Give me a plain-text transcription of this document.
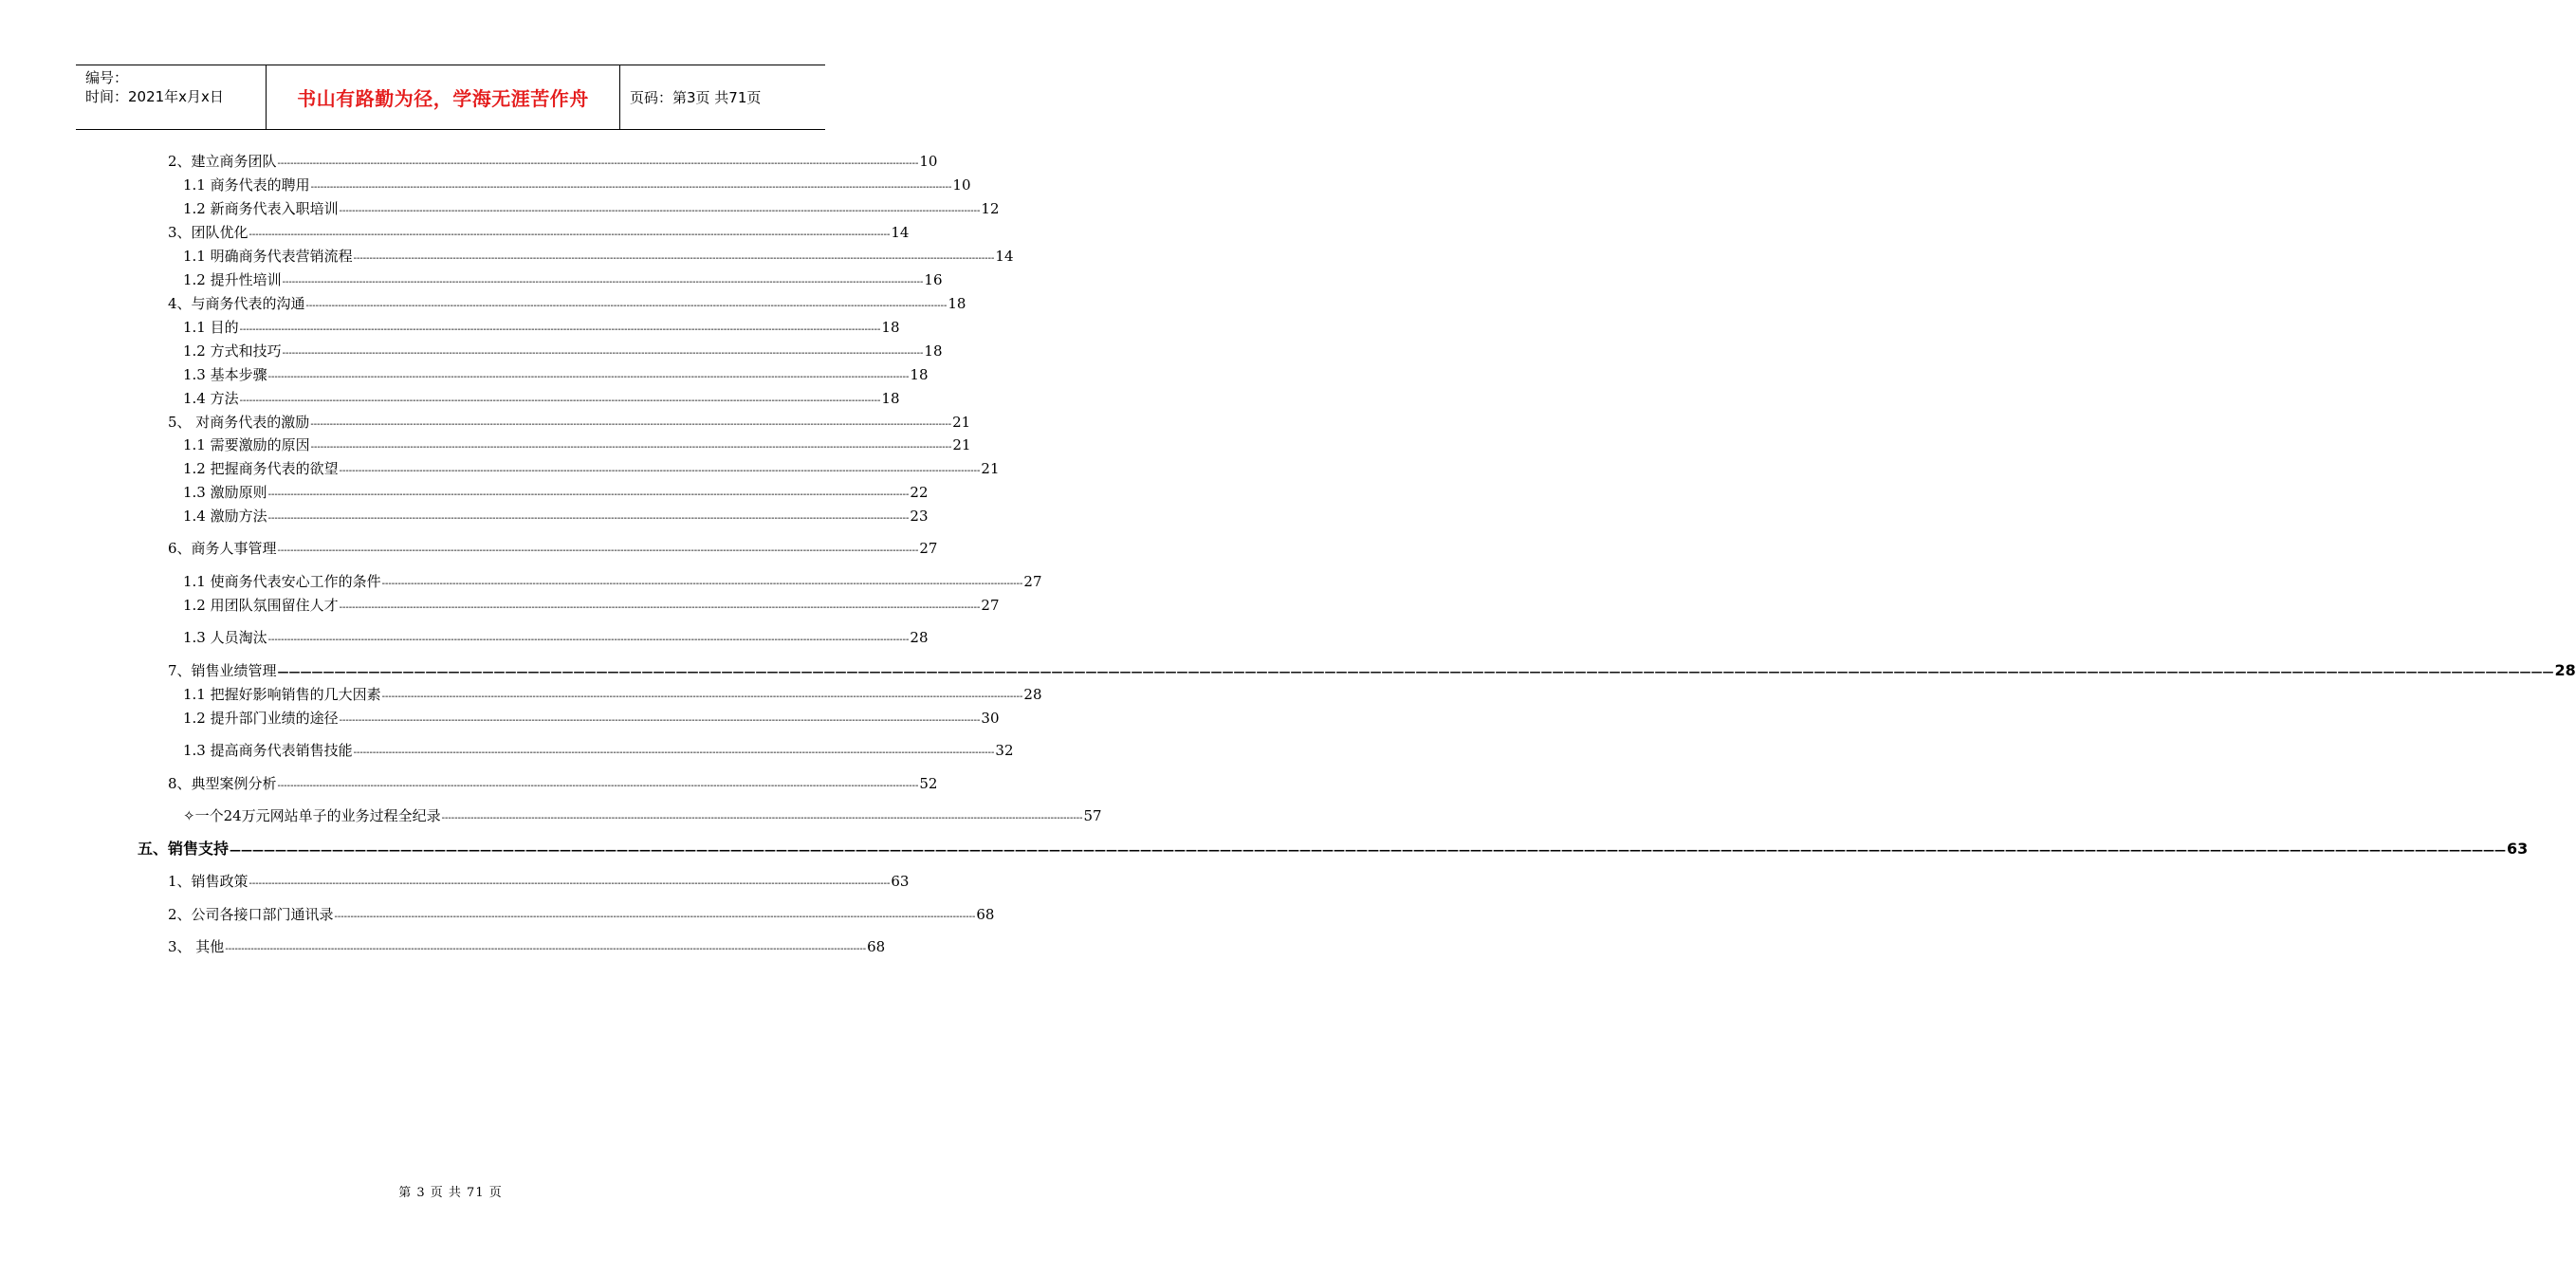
编号：
时间：2021年x月x日	书山有路勤为径，学海无涯苦作舟	页码：第3页 共71页
2、建立商务团队 -------------------------------------------------------------------------------------------------------------------------------------------------------------------------------------------------------- 10
1.1 商务代表的聘用 -------------------------------------------------------------------------------------------------------------------------------------------------------------------------------------------------------- 10
1.2 新商务代表入职培训 -------------------------------------------------------------------------------------------------------------------------------------------------------------------------------------------------------- 12
3、团队优化 -------------------------------------------------------------------------------------------------------------------------------------------------------------------------------------------------------- 14
1.1 明确商务代表营销流程 -------------------------------------------------------------------------------------------------------------------------------------------------------------------------------------------------------- 14
1.2 提升性培训 -------------------------------------------------------------------------------------------------------------------------------------------------------------------------------------------------------- 16
4、与商务代表的沟通 -------------------------------------------------------------------------------------------------------------------------------------------------------------------------------------------------------- 18
1.1 目的 -------------------------------------------------------------------------------------------------------------------------------------------------------------------------------------------------------- 18
1.2 方式和技巧 -------------------------------------------------------------------------------------------------------------------------------------------------------------------------------------------------------- 18
1.3 基本步骤 -------------------------------------------------------------------------------------------------------------------------------------------------------------------------------------------------------- 18
1.4 方法 -------------------------------------------------------------------------------------------------------------------------------------------------------------------------------------------------------- 18
5、 对商务代表的激励 -------------------------------------------------------------------------------------------------------------------------------------------------------------------------------------------------------- 21
1.1 需要激励的原因 -------------------------------------------------------------------------------------------------------------------------------------------------------------------------------------------------------- 21
1.2 把握商务代表的欲望 -------------------------------------------------------------------------------------------------------------------------------------------------------------------------------------------------------- 21
1.3 激励原则 -------------------------------------------------------------------------------------------------------------------------------------------------------------------------------------------------------- 22
1.4 激励方法 -------------------------------------------------------------------------------------------------------------------------------------------------------------------------------------------------------- 23
6、商务人事管理 -------------------------------------------------------------------------------------------------------------------------------------------------------------------------------------------------------- 27
1.1 使商务代表安心工作的条件 -------------------------------------------------------------------------------------------------------------------------------------------------------------------------------------------------------- 27
1.2 用团队氛围留住人才 -------------------------------------------------------------------------------------------------------------------------------------------------------------------------------------------------------- 27
1.3 人员淘汰 -------------------------------------------------------------------------------------------------------------------------------------------------------------------------------------------------------- 28
7、销售业绩管理 ———————————————————————————————————————————————————————————————————————————————————————————————————————————————————————————————————————————————————————————————————————————————————————————————————————— 28
1.1 把握好影响销售的几大因素 -------------------------------------------------------------------------------------------------------------------------------------------------------------------------------------------------------- 28
1.2 提升部门业绩的途径 -------------------------------------------------------------------------------------------------------------------------------------------------------------------------------------------------------- 30
1.3 提高商务代表销售技能 -------------------------------------------------------------------------------------------------------------------------------------------------------------------------------------------------------- 32
8、典型案例分析 -------------------------------------------------------------------------------------------------------------------------------------------------------------------------------------------------------- 52
✧一个24万元网站单子的业务过程全纪录 -------------------------------------------------------------------------------------------------------------------------------------------------------------------------------------------------------- 57
五、销售支持 ———————————————————————————————————————————————————————————————————————————————————————————————————————————————————————————————————————————————————————————————————————————————————————————————————————— 63
1、销售政策 -------------------------------------------------------------------------------------------------------------------------------------------------------------------------------------------------------- 63
2、公司各接口部门通讯录 -------------------------------------------------------------------------------------------------------------------------------------------------------------------------------------------------------- 68
3、 其他 -------------------------------------------------------------------------------------------------------------------------------------------------------------------------------------------------------- 68
第 3 页 共 71 页
